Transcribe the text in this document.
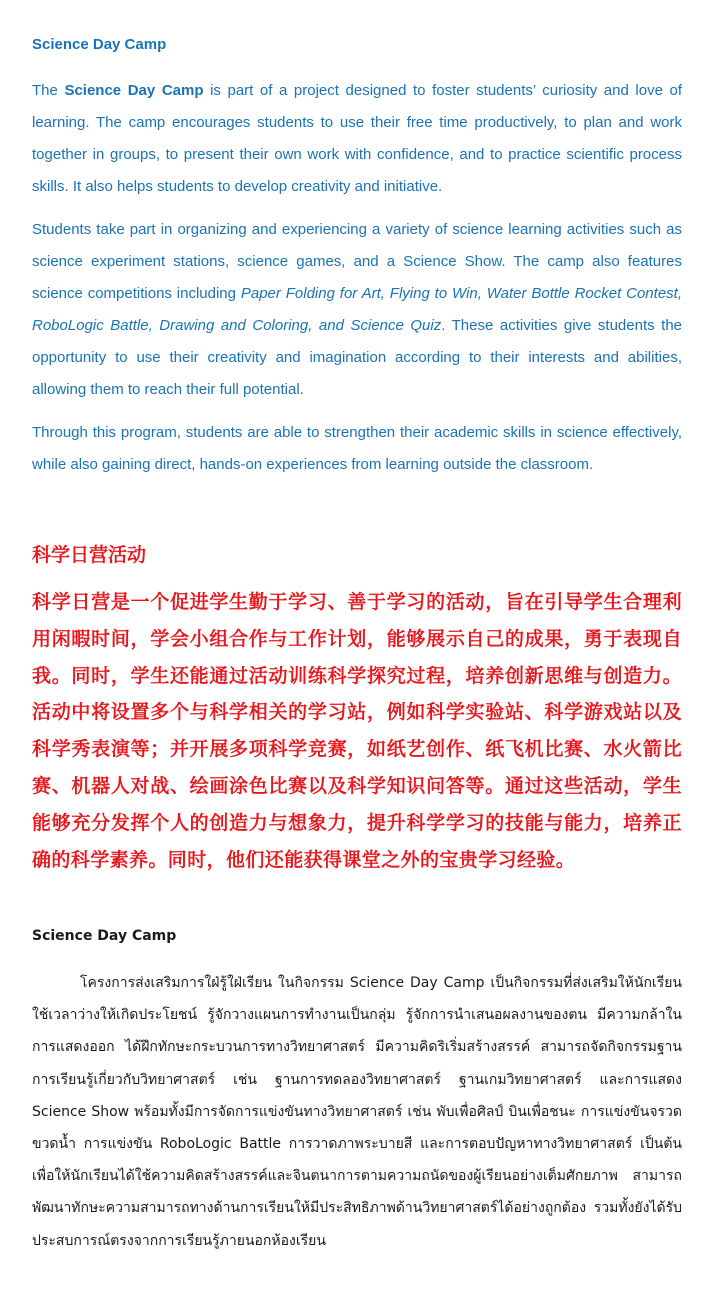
Science Day Camp

The Science Day Camp is part of a project designed to foster students’ curiosity and love of learning. The camp encourages students to use their free time productively, to plan and work together in groups, to present their own work with confidence, and to practice scientific process skills. It also helps students to develop creativity and initiative.

Students take part in organizing and experiencing a variety of science learning activities such as science experiment stations, science games, and a Science Show. The camp also features science competitions including Paper Folding for Art, Flying to Win, Water Bottle Rocket Contest, RoboLogic Battle, Drawing and Coloring, and Science Quiz. These activities give students the opportunity to use their creativity and imagination according to their interests and abilities, allowing them to reach their full potential.

Through this program, students are able to strengthen their academic skills in science effectively, while also gaining direct, hands-on experiences from learning outside the classroom.

科学日营活动

科学日营是一个促进学生勤于学习、善于学习的活动，旨在引导学生合理利用闲暇时间，学会小组合作与工作计划，能够展示自己的成果，勇于表现自我。同时，学生还能通过活动训练科学探究过程，培养创新思维与创造力。活动中将设置多个与科学相关的学习站，例如科学实验站、科学游戏站以及科学秀表演等；并开展多项科学竞赛，如纸艺创作、纸飞机比赛、水火箭比赛、机器人对战、绘画涂色比赛以及科学知识问答等。通过这些活动，学生能够充分发挥个人的创造力与想象力，提升科学学习的技能与能力，培养正确的科学素养。同时，他们还能获得课堂之外的宝贵学习经验。

Science Day Camp

โครงการส่งเสริมการใฝ่รู้ใฝ่เรียน ในกิจกรรม Science Day Camp เป็นกิจกรรมที่ส่งเสริมให้นักเรียนใช้เวลาว่างให้เกิดประโยชน์ รู้จักวางแผนการทำงานเป็นกลุ่ม รู้จักการนำเสนอผลงานของตน มีความกล้าในการแสดงออก ได้ฝึกทักษะกระบวนการทางวิทยาศาสตร์ มีความคิดริเริ่มสร้างสรรค์ สามารถจัดกิจกรรมฐานการเรียนรู้เกี่ยวกับวิทยาศาสตร์ เช่น ฐานการทดลองวิทยาศาสตร์ ฐานเกมวิทยาศาสตร์ และการแสดง Science Show พร้อมทั้งมีการจัดการแข่งขันทางวิทยาศาสตร์ เช่น พับเพื่อศิลป์ บินเพื่อชนะ การแข่งขันจรวดขวดน้ำ การแข่งขัน RoboLogic Battle การวาดภาพระบายสี และการตอบปัญหาทางวิทยาศาสตร์ เป็นต้น เพื่อให้นักเรียนได้ใช้ความคิดสร้างสรรค์และจินตนาการตามความถนัดของผู้เรียนอย่างเต็มศักยภาพ สามารถพัฒนาทักษะความสามารถทางด้านการเรียนให้มีประสิทธิภาพด้านวิทยาศาสตร์ได้อย่างถูกต้อง รวมทั้งยังได้รับประสบการณ์ตรงจากการเรียนรู้ภายนอกห้องเรียน
